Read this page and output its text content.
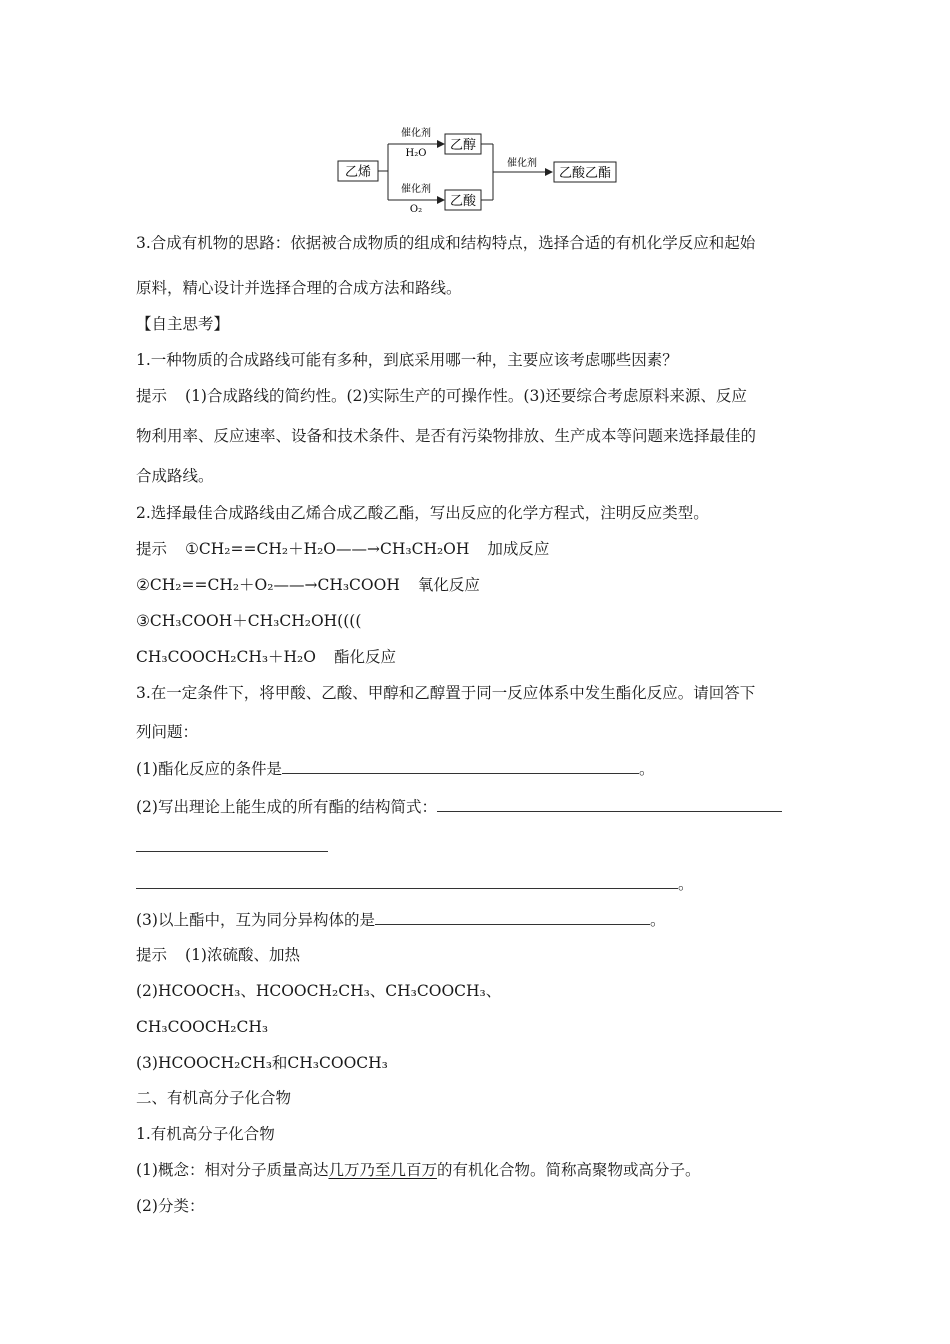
乙烯
催化剂
H₂O
催化剂
O₂
乙醇
乙酸
催化剂
乙酸乙酯
3.合成有机物的思路：依据被合成物质的组成和结构特点，选择合适的有机化学反应和起始
原料，精心设计并选择合理的合成方法和路线。
【自主思考】
1.一种物质的合成路线可能有多种，到底采用哪一种，主要应该考虑哪些因素？
提示 (1)合成路线的简约性。(2)实际生产的可操作性。(3)还要综合考虑原料来源、反应
物利用率、反应速率、设备和技术条件、是否有污染物排放、生产成本等问题来选择最佳的
合成路线。
2.选择最佳合成路线由乙烯合成乙酸乙酯，写出反应的化学方程式，注明反应类型。
提示 ①CH₂==CH₂＋H₂O——→CH₃CH₂OH 加成反应
②CH₂==CH₂＋O₂——→CH₃COOH 氧化反应
③CH₃COOH＋CH₃CH₂OH((((
CH₃COOCH₂CH₃＋H₂O 酯化反应
3.在一定条件下，将甲酸、乙酸、甲醇和乙醇置于同一反应体系中发生酯化反应。请回答下
列问题：
(1)酯化反应的条件是	。
(2)写出理论上能生成的所有酯的结构简式：
。
(3)以上酯中，互为同分异构体的是	。
提示 (1)浓硫酸、加热
(2)HCOOCH₃、HCOOCH₂CH₃、CH₃COOCH₃、
CH₃COOCH₂CH₃
(3)HCOOCH₂CH₃和CH₃COOCH₃
二、有机高分子化合物
1.有机高分子化合物
(1)概念：相对分子质量高达几万乃至几百万的有机化合物。简称高聚物或高分子。
(2)分类：
